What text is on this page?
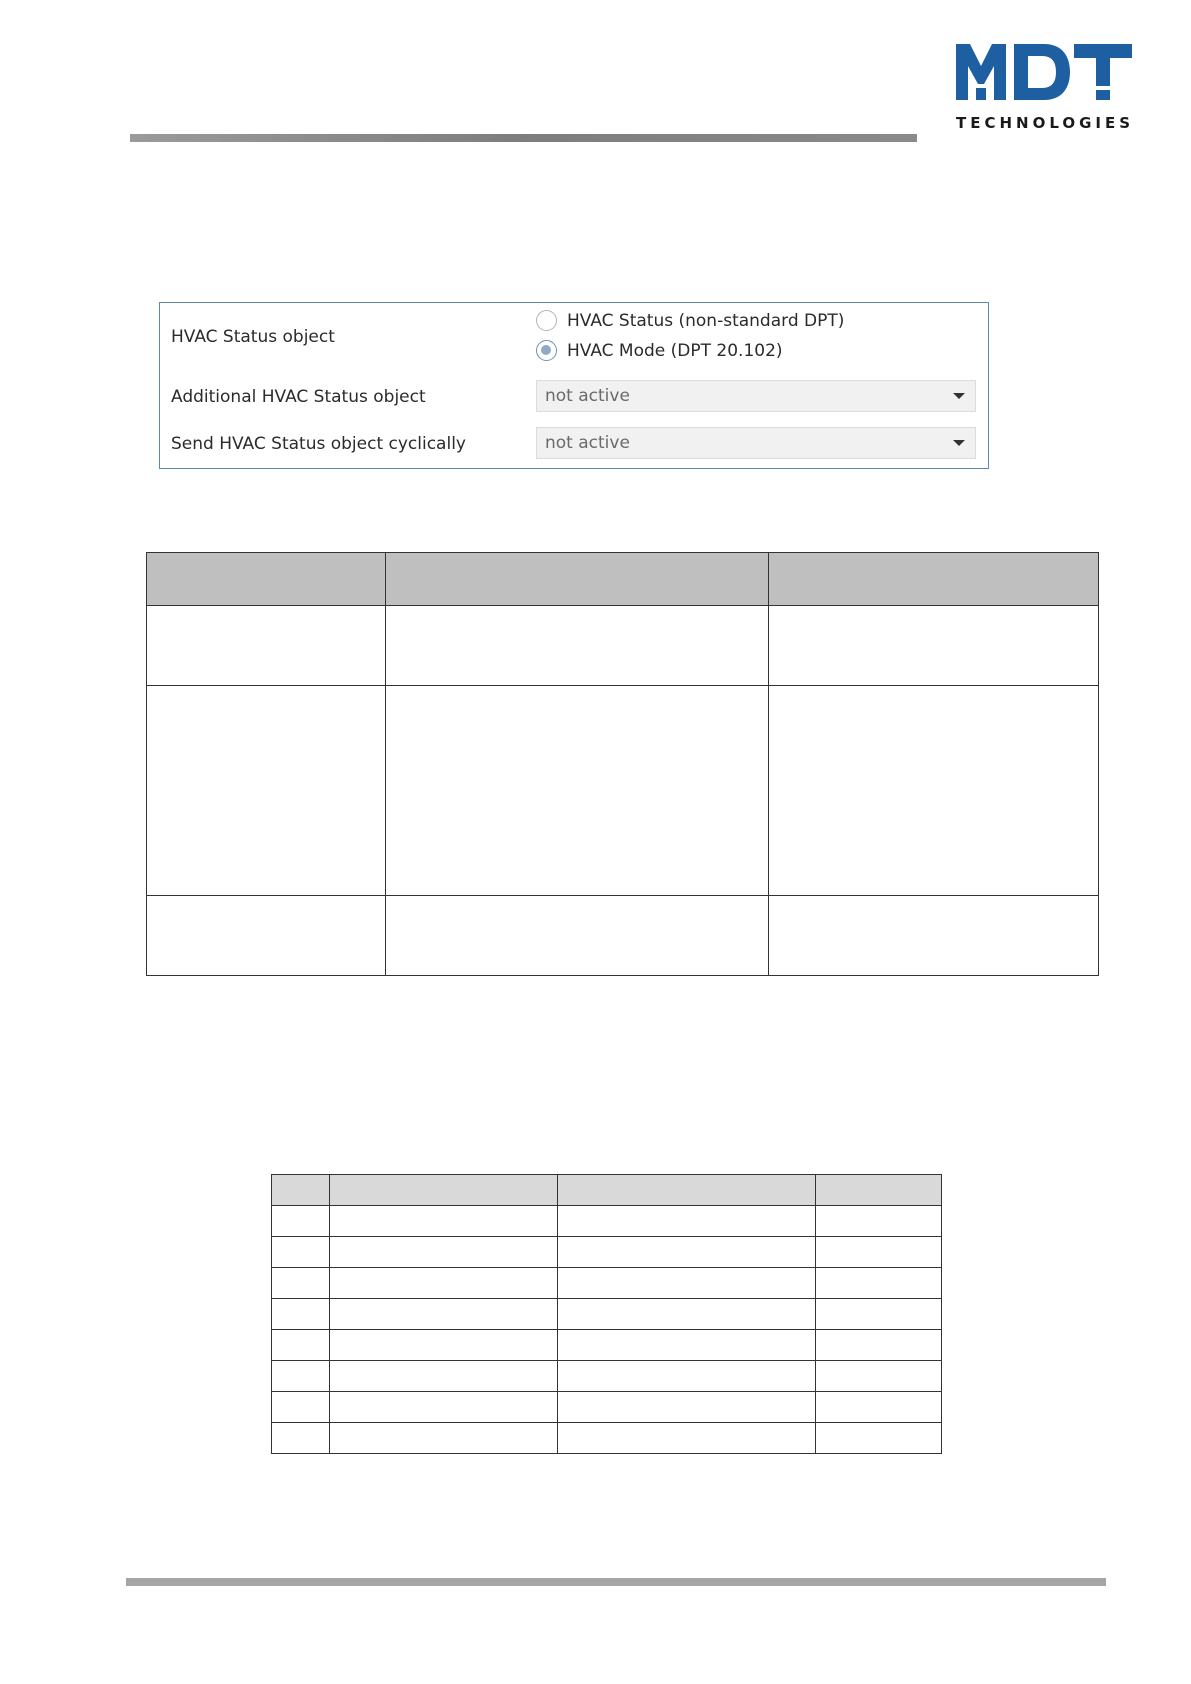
TECHNOLOGIES
HVAC Status object
HVAC Status (non-standard DPT)
HVAC Mode (DPT 20.102)
Additional HVAC Status object	not active
Send HVAC Status object cyclically	not active
